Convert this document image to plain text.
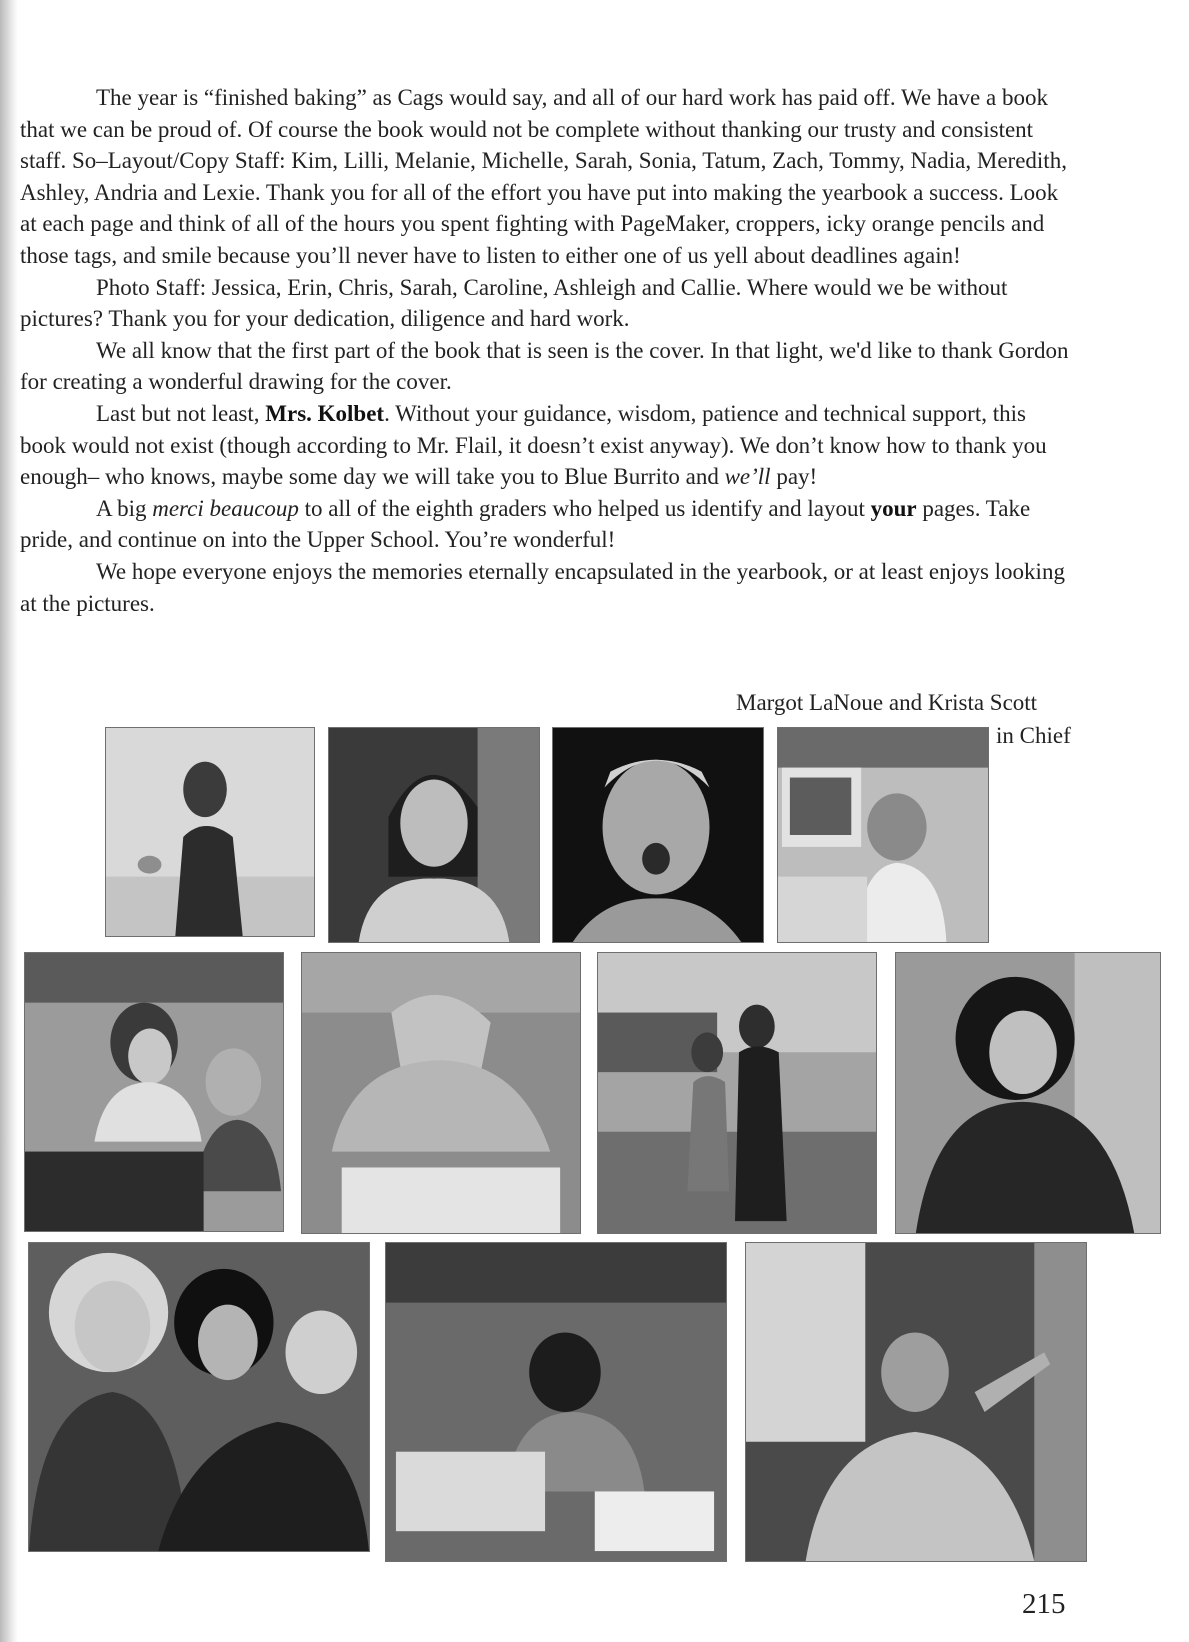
The year is “finished baking” as Cags would say, and all of our hard work has paid off. We have a book that we can be proud of. Of course the book would not be complete without thanking our trusty and consistent staff. So–Layout/Copy Staff: Kim, Lilli, Melanie, Michelle, Sarah, Sonia, Tatum, Zach, Tommy, Nadia, Meredith, Ashley, Andria and Lexie. Thank you for all of the effort you have put into making the yearbook a success. Look at each page and think of all of the hours you spent fighting with PageMaker, croppers, icky orange pencils and those tags, and smile because you’ll never have to listen to either one of us yell about deadlines again!

Photo Staff: Jessica, Erin, Chris, Sarah, Caroline, Ashleigh and Callie. Where would we be without pictures? Thank you for your dedication, diligence and hard work.

We all know that the first part of the book that is seen is the cover. In that light, we'd like to thank Gordon for creating a wonderful drawing for the cover.

Last but not least, Mrs. Kolbet. Without your guidance, wisdom, patience and technical support, this book would not exist (though according to Mr. Flail, it doesn’t exist anyway). We don’t know how to thank you enough– who knows, maybe some day we will take you to Blue Burrito and we’ll pay!

A big merci beaucoup to all of the eighth graders who helped us identify and layout your pages. Take pride, and continue on into the Upper School. You’re wonderful!

We hope everyone enjoys the memories eternally encapsulated in the yearbook, or at least enjoys looking at the pictures.

Margot LaNoue and Krista Scott
in Chief
215
